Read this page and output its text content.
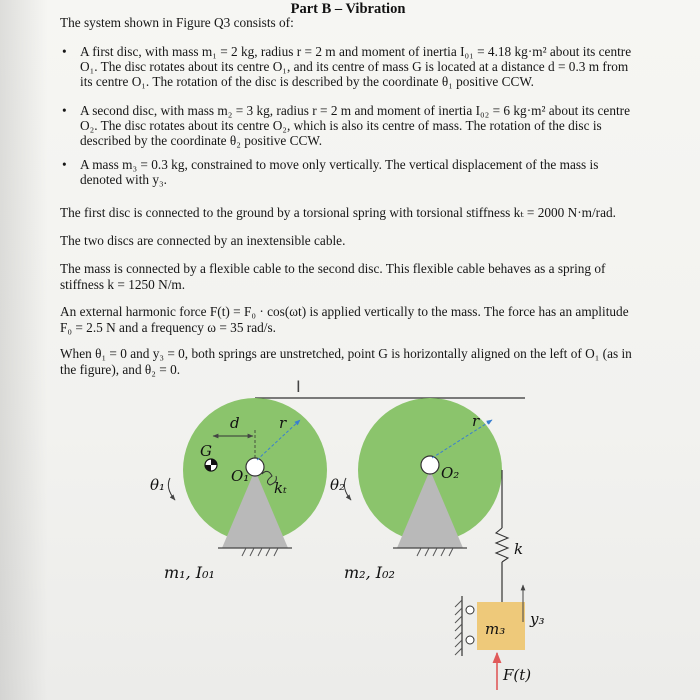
Part B – Vibration

The system shown in Figure Q3 consists of:

• A first disc, with mass m₁ = 2 kg, radius r = 2 m and moment of inertia I₀₁ = 4.18 kg·m² about its centre O₁. The disc rotates about its centre O₁, and its centre of mass G is located at a distance d = 0.3 m from its centre O₁. The rotation of the disc is described by the coordinate θ₁ positive CCW.
• A second disc, with mass m₂ = 3 kg, radius r = 2 m and moment of inertia I₀₂ = 6 kg·m² about its centre O₂. The disc rotates about its centre O₂, which is also its centre of mass. The rotation of the disc is described by the coordinate θ₂ positive CCW.
• A mass m₃ = 0.3 kg, constrained to move only vertically. The vertical displacement of the mass is denoted with y₃.

The first disc is connected to the ground by a torsional spring with torsional stiffness kₜ = 2000 N·m/rad.

The two discs are connected by an inextensible cable.

The mass is connected by a flexible cable to the second disc. This flexible cable behaves as a spring of stiffness k = 1250 N/m.

An external harmonic force F(t) = F₀ · cos(ωt) is applied vertically to the mass. The force has an amplitude F₀ = 2.5 N and a frequency ω = 35 rad/s.

When θ₁ = 0 and y₃ = 0, both springs are unstretched, point G is horizontally aligned on the left of O₁ (as in the figure), and θ₂ = 0.

I
d	r
G
O₁
kₜ
θ₁
m₁, I₀₁
r
O₂
θ₂
m₂, I₀₂
k
m₃
y₃
F(t)
